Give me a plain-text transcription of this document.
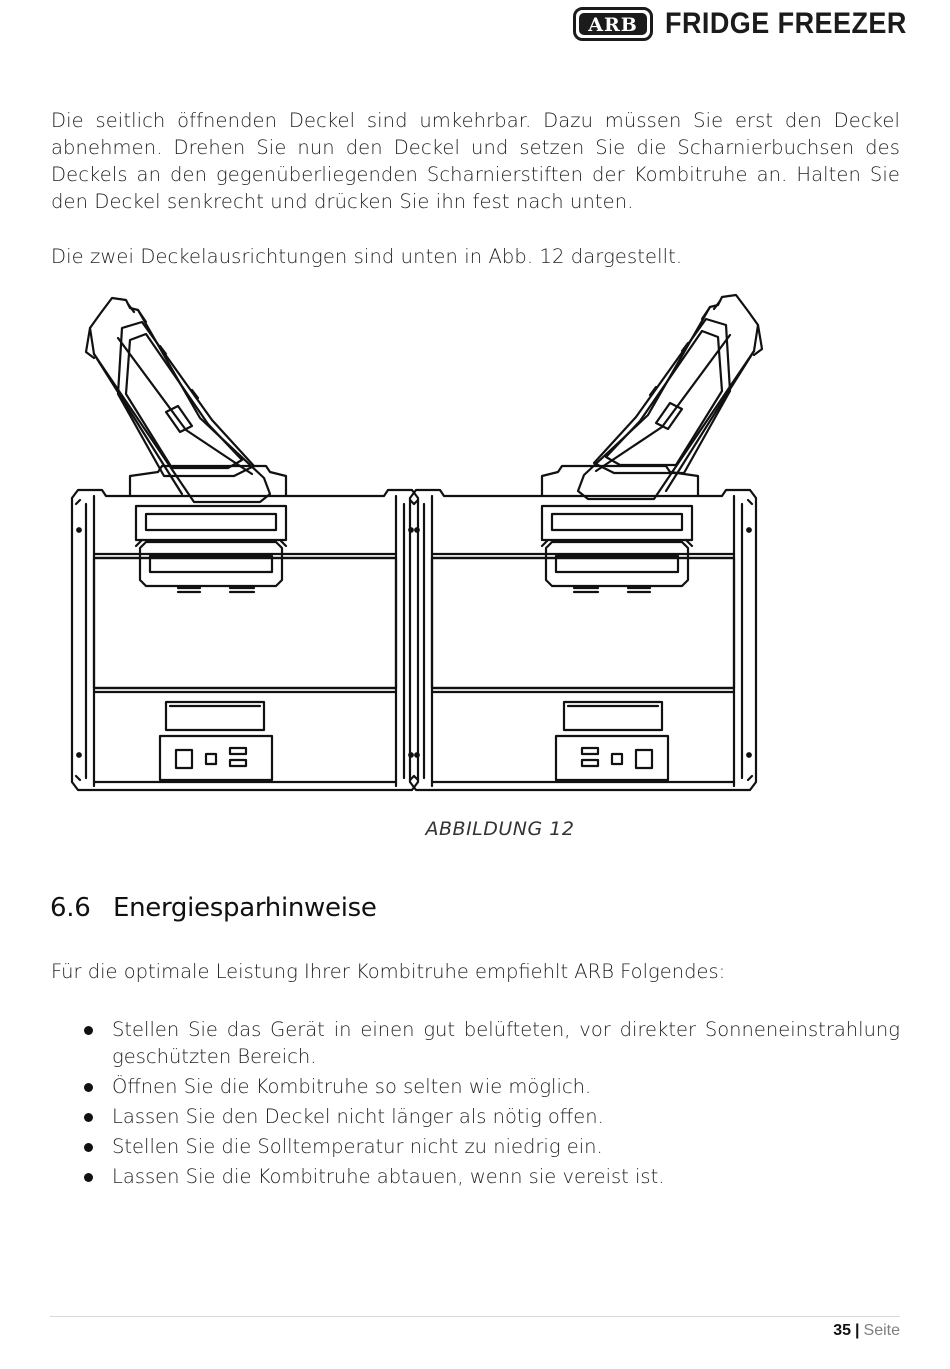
ARB FRIDGE FREEZER

Die seitlich öffnenden Deckel sind umkehrbar. Dazu müssen Sie erst den Deckel abnehmen. Drehen Sie nun den Deckel und setzen Sie die Scharnierbuchsen des Deckels an den gegenüberliegenden Scharnierstiften der Kombitruhe an. Halten Sie den Deckel senkrecht und drücken Sie ihn fest nach unten.

Die zwei Deckelausrichtungen sind unten in Abb. 12 dargestellt.

ABBILDUNG 12
6.6 Energiesparhinweise

Für die optimale Leistung Ihrer Kombitruhe empfiehlt ARB Folgendes:

Stellen Sie das Gerät in einen gut belüfteten, vor direkter Sonneneinstrahlung geschützten Bereich.
Öffnen Sie die Kombitruhe so selten wie möglich.
Lassen Sie den Deckel nicht länger als nötig offen.
Stellen Sie die Solltemperatur nicht zu niedrig ein.
Lassen Sie die Kombitruhe abtauen, wenn sie vereist ist.
35 | Seite
